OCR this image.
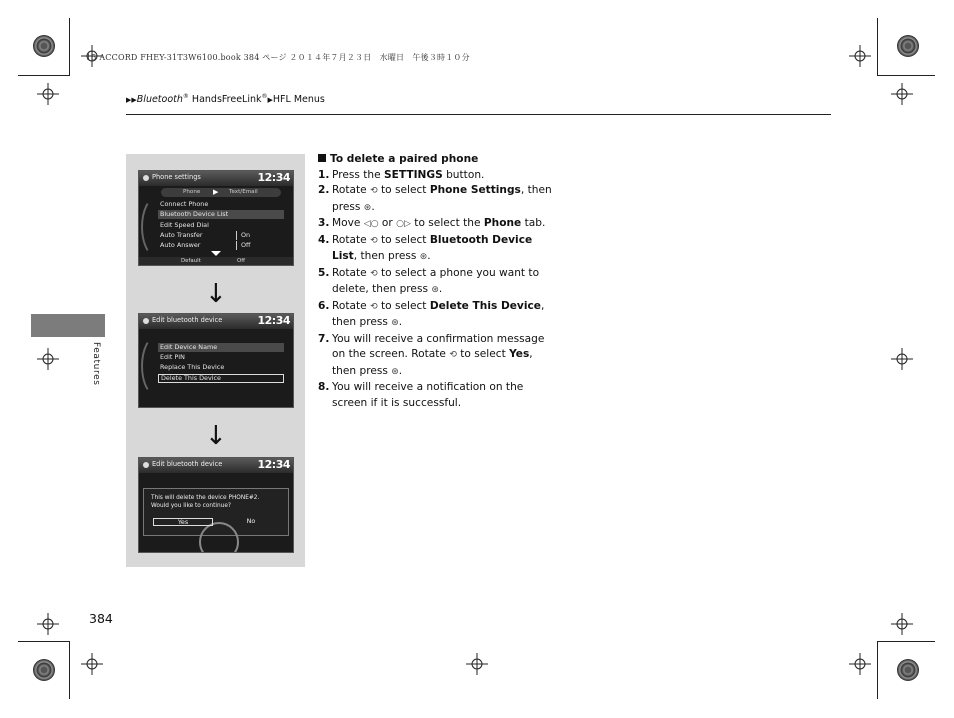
15 ACCORD FHEY-31T3W6100.book 384 ページ ２０１４年７月２３日　水曜日　午後３時１０分
▶▶Bluetooth® HandsFreeLink®▶HFL Menus
Features
Phone settings	12:34
Phone ▶ Text/Email
Connect Phone
Bluetooth Device List
Edit Speed Dial
Auto Transfer	On
Auto Answer	Off
Default	Off
↓
Edit bluetooth device	12:34
Edit Device Name
Edit PIN
Replace This Device
Delete This Device
↓
Edit bluetooth device	12:34
This will delete the device PHONE#2.
Would you like to continue?
Yes	No
To delete a paired phone
1. Press the SETTINGS button.
2. Rotate ⟲ to select Phone Settings, then press ⊛.
3. Move ◁○ or ○▷ to select the Phone tab.
4. Rotate ⟲ to select Bluetooth Device List, then press ⊛.
5. Rotate ⟲ to select a phone you want to delete, then press ⊛.
6. Rotate ⟲ to select Delete This Device, then press ⊛.
7. You will receive a confirmation message on the screen. Rotate ⟲ to select Yes, then press ⊛.
8. You will receive a notification on the screen if it is successful.
384
